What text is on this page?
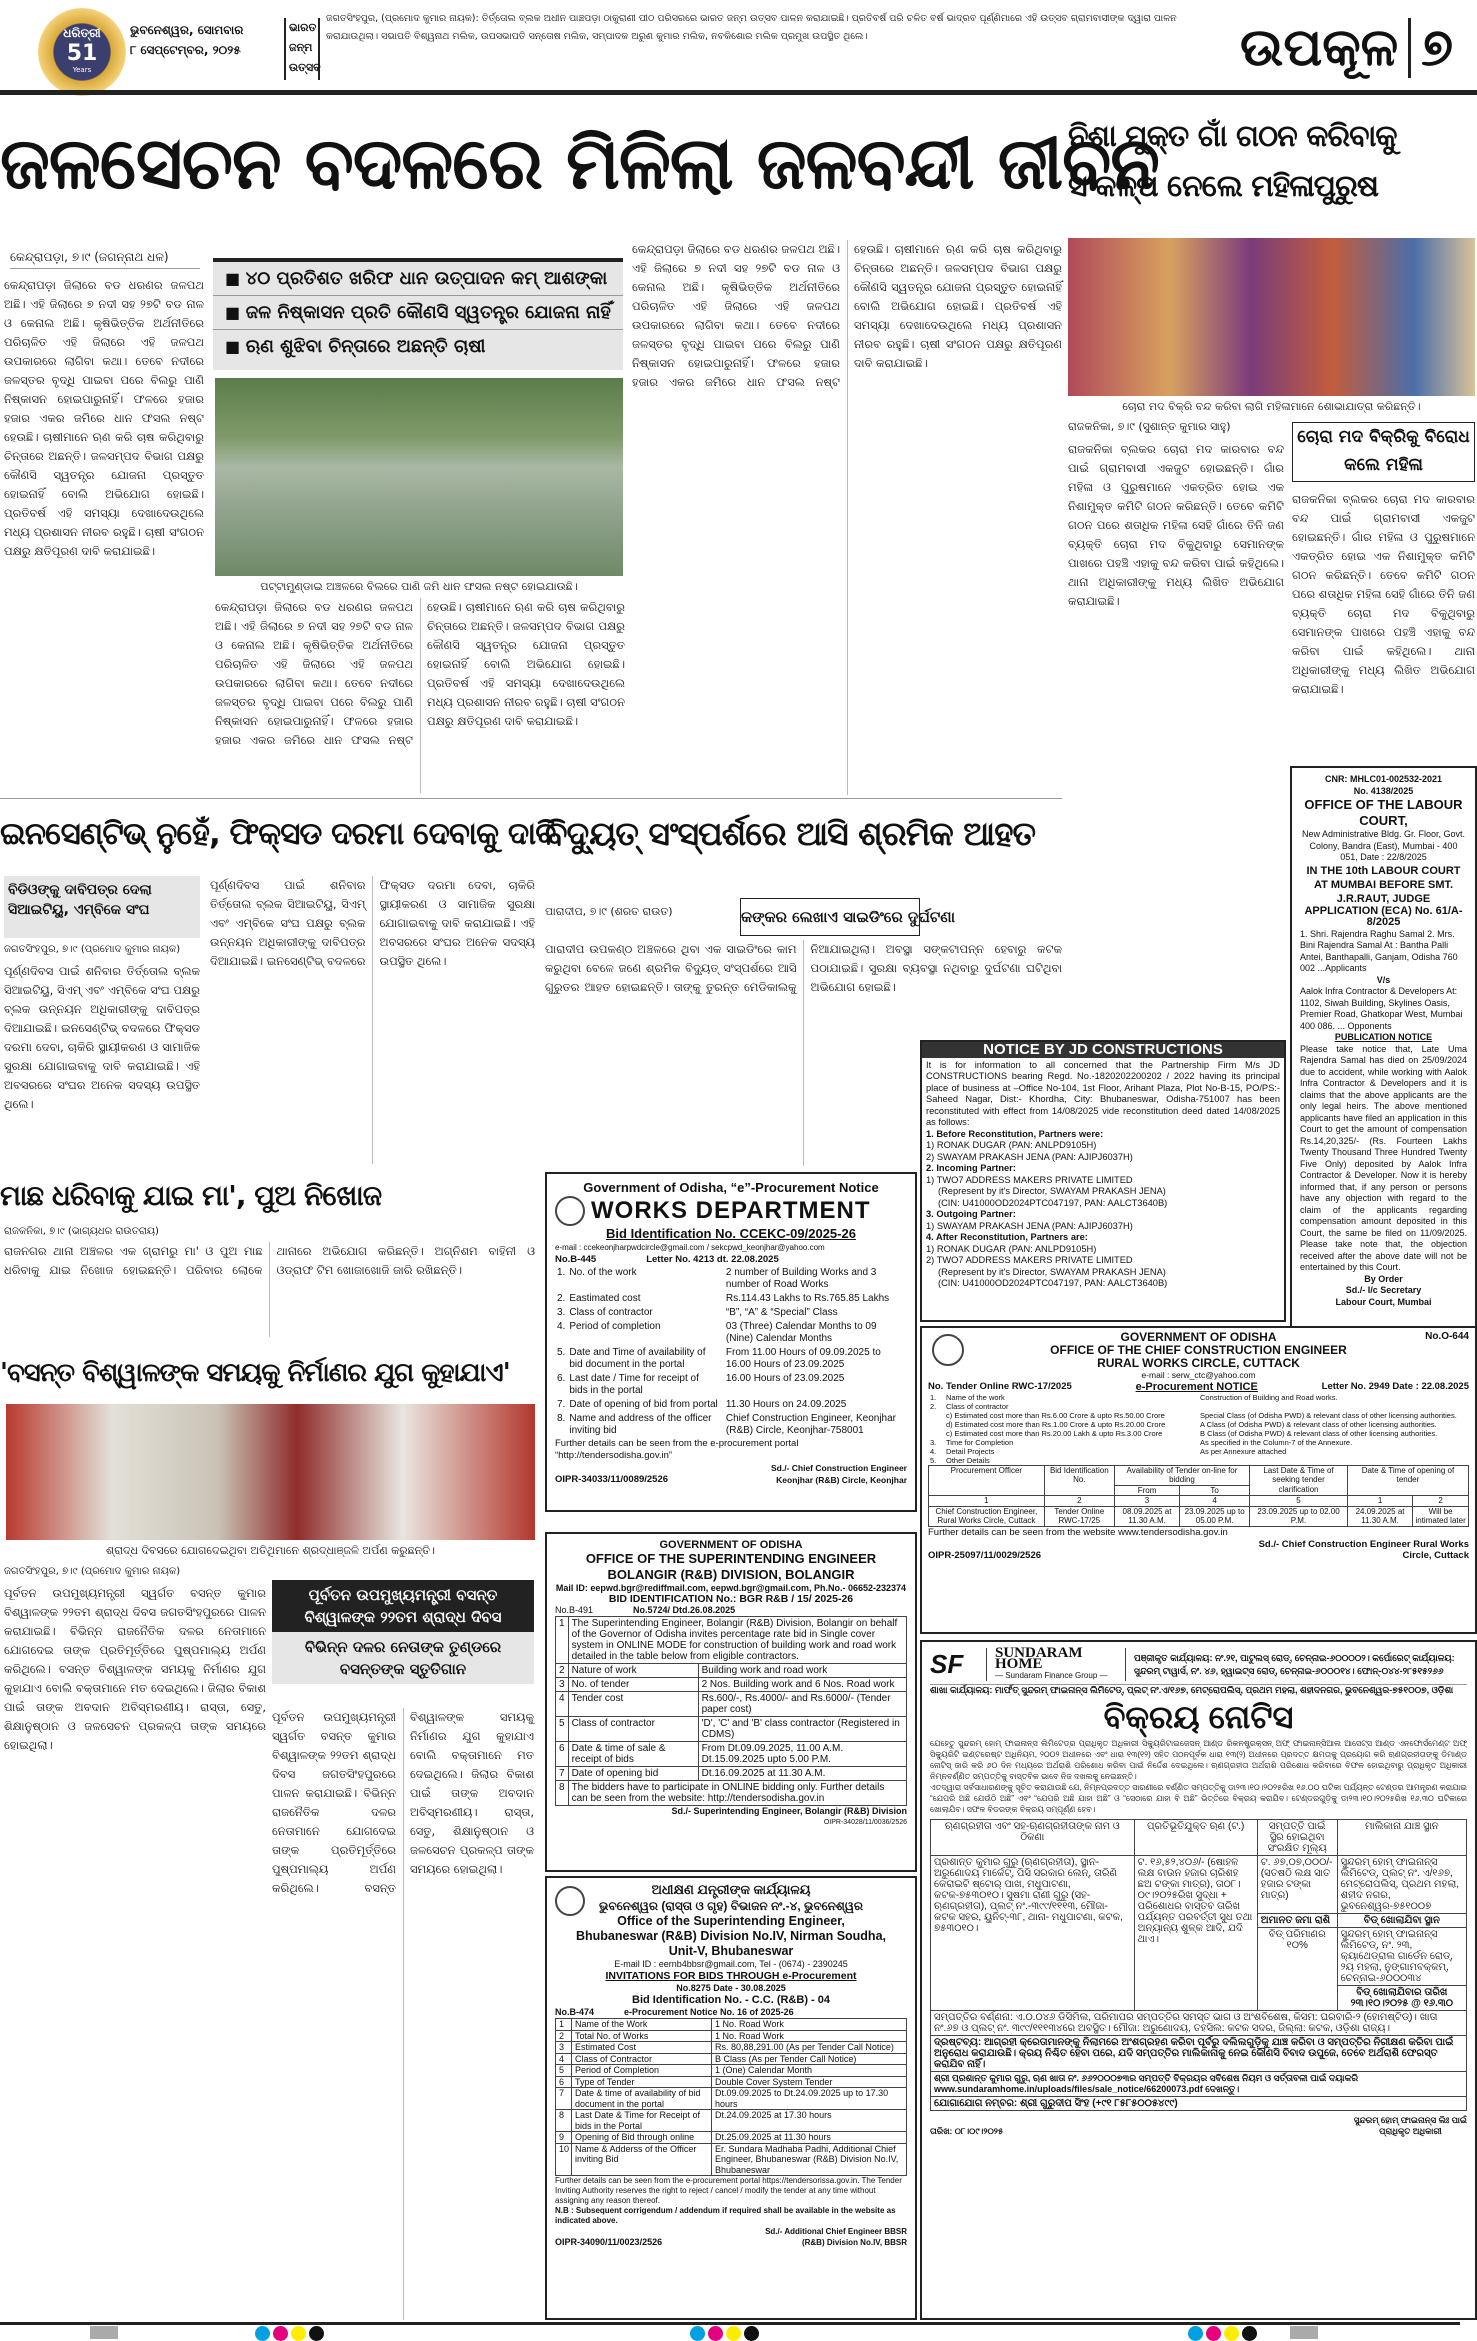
ଧରିତ୍ରୀ
51
Years
ଭୁବନେଶ୍ୱର, ସୋମବାର
୮ ସେପ୍ଟେମ୍ବର, ୨୦୨୫
ଭାରତ ଜନ୍ମ ଉତ୍ସବ
ଜଗତସିଂହପୁର, (ପ୍ରମୋଦ କୁମାର ନାୟକ): ତିର୍ତ୍ତୋଲ ବ୍ଲକ ଅଧୀନ ପାଞ୍ଚପଡ଼ା ଠାକୁରାଣୀ ପୀଠ ପରିସରରେ ଭାରତ ଜନ୍ମ ଉତ୍ସବ ପାଳନ କରାଯାଇଛି। ପ୍ରତିବର୍ଷ ପରି ଚଳିତ ବର୍ଷ ଭାଦ୍ରବ ପୂର୍ଣ୍ଣିମାରେ ଏହି ଉତ୍ସବ ଗ୍ରାମବାସୀଙ୍କ ଦ୍ୱାରା ପାଳନ କରାଯାଉଥିଲା। ସଭାପତି ବିଶ୍ୱନାଥ ମଲିକ, ଉପସଭାପତି ସନ୍ତୋଷ ମଲିକ, ସମ୍ପାଦକ ଅରୁଣ କୁମାର ମଲିକ, ନବକିଶୋର ମଲିକ ପ୍ରମୁଖ ଉପସ୍ଥିତ ଥିଲେ।	ଉପକୂଳ ୭
ଜଳସେଚନ ବଦଳରେ ମିଳିଲା ଜଳବନ୍ଦୀ ଜୀବନ
ନିଶା ମୁକ୍ତ ଗାଁ ଗଠନ କରିବାକୁ ସଂକଳ୍ପ ନେଲେ ମହିଳାପୁରୁଷ
କେନ୍ଦ୍ରାପଡ଼ା, ୭।୯ (ଜଗନ୍ନାଥ ଧଳ)
କେନ୍ଦ୍ରାପଡ଼ା ଜିଲାରେ ବଡ ଧରଣର ଜଳପଥ ଅଛି। ଏହି ଜିଲାରେ ୭ ନଦୀ ସହ ୨୭ଟି ବଡ ନାଳ ଓ କେନାଲ ଅଛି। କୃଷିଭିତ୍ତିକ ଅର୍ଥନୀତିରେ ପରିଚାଳିତ ଏହି ଜିଲାରେ ଏହି ଜଳପଥ ଉପକାରରେ ଲାଗିବା କଥା। ତେବେ ନଦୀରେ ଜଳସ୍ତର ବୃଦ୍ଧି ପାଇବା ପରେ ବିଲରୁ ପାଣି ନିଷ୍କାସନ ହୋଇପାରୁନାହିଁ। ଫଳରେ ହଜାର ହଜାର ଏକର ଜମିରେ ଧାନ ଫସଲ ନଷ୍ଟ ହେଉଛି। ଚାଷୀମାନେ ଋଣ କରି ଚାଷ କରିଥିବାରୁ ଚିନ୍ତାରେ ଅଛନ୍ତି। ଜଳସମ୍ପଦ ବିଭାଗ ପକ୍ଷରୁ କୌଣସି ସ୍ୱତନ୍ତ୍ର ଯୋଜନା ପ୍ରସ୍ତୁତ ହୋଇନାହିଁ ବୋଲି ଅଭିଯୋଗ ହୋଇଛି। ପ୍ରତିବର୍ଷ ଏହି ସମସ୍ୟା ଦେଖାଦେଉଥିଲେ ମଧ୍ୟ ପ୍ରଶାସନ ନୀରବ ରହୁଛି। ଚାଷୀ ସଂଗଠନ ପକ୍ଷରୁ କ୍ଷତିପୂରଣ ଦାବି କରାଯାଇଛି।
■ ୪୦ ପ୍ରତିଶତ ଖରିଫ ଧାନ ଉତ୍ପାଦନ କମ୍ ଆଶଙ୍କା
■ ଜଳ ନିଷ୍କାସନ ପ୍ରତି କୌଣସି ସ୍ୱତନ୍ତ୍ର ଯୋଜନା ନାହିଁ
■ ଋଣ ଶୁଝିବା ଚିନ୍ତାରେ ଅଛନ୍ତି ଚାଷୀ
ପଟ୍ଟାମୁଣ୍ଡାଇ ଅଞ୍ଚଳରେ ବିଲରେ ପାଣି ଜମି ଧାନ ଫସଲ ନଷ୍ଟ ହୋଇଯାଉଛି।
କେନ୍ଦ୍ରାପଡ଼ା ଜିଲାରେ ବଡ ଧରଣର ଜଳପଥ ଅଛି। ଏହି ଜିଲାରେ ୭ ନଦୀ ସହ ୨୭ଟି ବଡ ନାଳ ଓ କେନାଲ ଅଛି। କୃଷିଭିତ୍ତିକ ଅର୍ଥନୀତିରେ ପରିଚାଳିତ ଏହି ଜିଲାରେ ଏହି ଜଳପଥ ଉପକାରରେ ଲାଗିବା କଥା। ତେବେ ନଦୀରେ ଜଳସ୍ତର ବୃଦ୍ଧି ପାଇବା ପରେ ବିଲରୁ ପାଣି ନିଷ୍କାସନ ହୋଇପାରୁନାହିଁ। ଫଳରେ ହଜାର ହଜାର ଏକର ଜମିରେ ଧାନ ଫସଲ ନଷ୍ଟ ହେଉଛି। ଚାଷୀମାନେ ଋଣ କରି ଚାଷ କରିଥିବାରୁ ଚିନ୍ତାରେ ଅଛନ୍ତି। ଜଳସମ୍ପଦ ବିଭାଗ ପକ୍ଷରୁ କୌଣସି ସ୍ୱତନ୍ତ୍ର ଯୋଜନା ପ୍ରସ୍ତୁତ ହୋଇନାହିଁ ବୋଲି ଅଭିଯୋଗ ହୋଇଛି। ପ୍ରତିବର୍ଷ ଏହି ସମସ୍ୟା ଦେଖାଦେଉଥିଲେ ମଧ୍ୟ ପ୍ରଶାସନ ନୀରବ ରହୁଛି। ଚାଷୀ ସଂଗଠନ ପକ୍ଷରୁ କ୍ଷତିପୂରଣ ଦାବି କରାଯାଇଛି।
କେନ୍ଦ୍ରାପଡ଼ା ଜିଲାରେ ବଡ ଧରଣର ଜଳପଥ ଅଛି। ଏହି ଜିଲାରେ ୭ ନଦୀ ସହ ୨୭ଟି ବଡ ନାଳ ଓ କେନାଲ ଅଛି। କୃଷିଭିତ୍ତିକ ଅର୍ଥନୀତିରେ ପରିଚାଳିତ ଏହି ଜିଲାରେ ଏହି ଜଳପଥ ଉପକାରରେ ଲାଗିବା କଥା। ତେବେ ନଦୀରେ ଜଳସ୍ତର ବୃଦ୍ଧି ପାଇବା ପରେ ବିଲରୁ ପାଣି ନିଷ୍କାସନ ହୋଇପାରୁନାହିଁ। ଫଳରେ ହଜାର ହଜାର ଏକର ଜମିରେ ଧାନ ଫସଲ ନଷ୍ଟ ହେଉଛି। ଚାଷୀମାନେ ଋଣ କରି ଚାଷ କରିଥିବାରୁ ଚିନ୍ତାରେ ଅଛନ୍ତି। ଜଳସମ୍ପଦ ବିଭାଗ ପକ୍ଷରୁ କୌଣସି ସ୍ୱତନ୍ତ୍ର ଯୋଜନା ପ୍ରସ୍ତୁତ ହୋଇନାହିଁ ବୋଲି ଅଭିଯୋଗ ହୋଇଛି। ପ୍ରତିବର୍ଷ ଏହି ସମସ୍ୟା ଦେଖାଦେଉଥିଲେ ମଧ୍ୟ ପ୍ରଶାସନ ନୀରବ ରହୁଛି। ଚାଷୀ ସଂଗଠନ ପକ୍ଷରୁ କ୍ଷତିପୂରଣ ଦାବି କରାଯାଇଛି।
ଚୋରା ମଦ ବିକ୍ରି ବନ୍ଦ କରିବା ଲାଗି ମହିଳାମାନେ ଶୋଭାଯାତ୍ରା କରିଛନ୍ତି।
ରାଜକନିକା, ୭।୯ (ସୁଶାନ୍ତ କୁମାର ସାହୁ)
ଚୋରା ମଦ ବିକ୍ରିକୁ ବିରୋଧ କଲେ ମହିଳା
ରାଜକନିକା ବ୍ଲକର ଚୋରା ମଦ କାରବାର ବନ୍ଦ ପାଇଁ ଗ୍ରାମବାସୀ ଏକଜୁଟ ହୋଇଛନ୍ତି। ଗାଁର ମହିଳା ଓ ପୁରୁଷମାନେ ଏକତ୍ରିତ ହୋଇ ଏକ ନିଶାମୁକ୍ତ କମିଟି ଗଠନ କରିଛନ୍ତି। ତେବେ କମିଟି ଗଠନ ପରେ ଶତାଧିକ ମହିଳା ସେହି ଗାଁରେ ତିନି ଜଣ ବ୍ୟକ୍ତି ଚୋରା ମଦ ବିକୁଥିବାରୁ ସେମାନଙ୍କ ପାଖରେ ପହଞ୍ଚି ଏହାକୁ ବନ୍ଦ କରିବା ପାଇଁ କହିଥିଲେ। ଥାନା ଅଧିକାରୀଙ୍କୁ ମଧ୍ୟ ଲିଖିତ ଅଭିଯୋଗ କରାଯାଇଛି।
ରାଜକନିକା ବ୍ଲକର ଚୋରା ମଦ କାରବାର ବନ୍ଦ ପାଇଁ ଗ୍ରାମବାସୀ ଏକଜୁଟ ହୋଇଛନ୍ତି। ଗାଁର ମହିଳା ଓ ପୁରୁଷମାନେ ଏକତ୍ରିତ ହୋଇ ଏକ ନିଶାମୁକ୍ତ କମିଟି ଗଠନ କରିଛନ୍ତି। ତେବେ କମିଟି ଗଠନ ପରେ ଶତାଧିକ ମହିଳା ସେହି ଗାଁରେ ତିନି ଜଣ ବ୍ୟକ୍ତି ଚୋରା ମଦ ବିକୁଥିବାରୁ ସେମାନଙ୍କ ପାଖରେ ପହଞ୍ଚି ଏହାକୁ ବନ୍ଦ କରିବା ପାଇଁ କହିଥିଲେ। ଥାନା ଅଧିକାରୀଙ୍କୁ ମଧ୍ୟ ଲିଖିତ ଅଭିଯୋଗ କରାଯାଇଛି।
CNR: MHLC01-002532-2021
No. 4138/2025
OFFICE OF THE LABOUR COURT,
New Administrative Bldg. Gr. Floor, Govt. Colony, Bandra (East), Mumbai - 400 051, Date : 22/8/2025
IN THE 10th LABOUR COURT AT MUMBAI BEFORE SMT. J.R.RAUT, JUDGE
APPLICATION (ECA) No. 61/A-8/2025
1. Shri. Rajendra Raghu Samal 2. Mrs. Bini Rajendra Samal At : Bantha Palli Antei, Banthapalli, Ganjam, Odisha 760 002 ...Applicants
V/s
Aalok Infra Contractor & Developers At: 1102, Siwah Building, Skylines Oasis, Premier Road, Ghatkopar West, Mumbai 400 086. ... Opponents
PUBLICATION NOTICE
Please take notice that, Late Uma Rajendra Samal has died on 25/09/2024 due to accident, while working with Aalok Infra Contractor & Developers and it is claims that the above applicants are the only legal heirs. The above mentioned applicants have filed an application in this Court to get the amount of compensation Rs.14,20,325/- (Rs. Fourteen Lakhs Twenty Thousand Three Hundred Twenty Five Only) deposited by Aalok Infra Contractor & Developer. Now it is hereby informed that, if any person or persons have any objection with regard to the claim of the applicants regarding compensation amount deposited in this Court, the same be filed on 11/09/2025. Please take note that, the objection received after the above date will not be entertained by this Court.
By Order
Sd./- I/c Secretary
Labour Court, Mumbai
ଇନସେଣ୍ଟିଭ୍ ନୁହେଁ, ଫିକ୍ସଡ ଦରମା ଦେବାକୁ ଦାବି
ବିଦ୍ୟୁତ୍ ସଂସ୍ପର୍ଶରେ ଆସି ଶ୍ରମିକ ଆହତ
ବିଡିଓଙ୍କୁ ଦାବିପତ୍ର ଦେଲା ସିଆଇଟିୟୁ, ଏମ୍‌ବିକେ ସଂଘ
ଜଗତସିଂହପୁର, ୭।୯ (ପ୍ରମୋଦ କୁମାର ନାୟକ)
ପୂର୍ଣ୍ଣଦିବସ ପାଇଁ ଶନିବାର ତିର୍ତ୍ତୋଲ ବ୍ଲକ ସିଆଇଟିୟୁ, ସିଏମ୍ ଏବଂ ଏମ୍‌ବିକେ ସଂଘ ପକ୍ଷରୁ ବ୍ଲକ ଉନ୍ନୟନ ଅଧିକାରୀଙ୍କୁ ଦାବିପତ୍ର ଦିଆଯାଇଛି। ଇନସେଣ୍ଟିଭ୍ ବଦଳରେ ଫିକ୍ସଡ ଦରମା ଦେବା, ଚାକିରି ସ୍ଥାୟୀକରଣ ଓ ସାମାଜିକ ସୁରକ୍ଷା ଯୋଗାଇବାକୁ ଦାବି କରାଯାଇଛି। ଏହି ଅବସରରେ ସଂଘର ଅନେକ ସଦସ୍ୟ ଉପସ୍ଥିତ ଥିଲେ।
ପୂର୍ଣ୍ଣଦିବସ ପାଇଁ ଶନିବାର ତିର୍ତ୍ତୋଲ ବ୍ଲକ ସିଆଇଟିୟୁ, ସିଏମ୍ ଏବଂ ଏମ୍‌ବିକେ ସଂଘ ପକ୍ଷରୁ ବ୍ଲକ ଉନ୍ନୟନ ଅଧିକାରୀଙ୍କୁ ଦାବିପତ୍ର ଦିଆଯାଇଛି। ଇନସେଣ୍ଟିଭ୍ ବଦଳରେ ଫିକ୍ସଡ ଦରମା ଦେବା, ଚାକିରି ସ୍ଥାୟୀକରଣ ଓ ସାମାଜିକ ସୁରକ୍ଷା ଯୋଗାଇବାକୁ ଦାବି କରାଯାଇଛି। ଏହି ଅବସରରେ ସଂଘର ଅନେକ ସଦସ୍ୟ ଉପସ୍ଥିତ ଥିଲେ।
ପାରାଦୀପ, ୭।୯ (ଶରତ ରାଉତ)	କଙ୍କର ଲେଖାଏ ସାଇଡିଂରେ ଦୁର୍ଘଟଣା
ପାରାଦୀପ ଉପକଣ୍ଠ ଅଞ୍ଚଳରେ ଥିବା ଏକ ସାଇଡିଂରେ କାମ କରୁଥିବା ବେଳେ ଜଣେ ଶ୍ରମିକ ବିଦ୍ୟୁତ୍ ସଂସ୍ପର୍ଶରେ ଆସି ଗୁରୁତର ଆହତ ହୋଇଛନ୍ତି। ତାଙ୍କୁ ତୁରନ୍ତ ମେଡିକାଲକୁ ନିଆଯାଇଥିଲା। ଅବସ୍ଥା ସଙ୍କଟାପନ୍ନ ହେବାରୁ କଟକ ପଠାଯାଇଛି। ସୁରକ୍ଷା ବ୍ୟବସ୍ଥା ନଥିବାରୁ ଦୁର୍ଘଟଣା ଘଟିଥିବା ଅଭିଯୋଗ ହୋଇଛି।
NOTICE BY JD CONSTRUCTIONS
It is for information to all concerned that the Partnership Firm M/s JD CONSTRUCTIONS bearing Regd. No.-1820202200202 / 2022 having its principal place of business at –Office No-104, 1st Floor, Arihant Plaza, Plot No-B-15, PO/PS:- Saheed Nagar, Dist:- Khordha, City: Bhubaneswar, Odisha-751007 has been reconstituted with effect from 14/08/2025 vide reconstitution deed dated 14/08/2025 as follows:
1. Before Reconstitution, Partners were:
1) RONAK DUGAR (PAN: ANLPD9105H)
2) SWAYAM PRAKASH JENA (PAN: AJIPJ6037H)
2. Incoming Partner:
1) TWO7 ADDRESS MAKERS PRIVATE LIMITED
(Represent by it's Director, SWAYAM PRAKASH JENA)
(CIN: U41000OD2024PTC047197, PAN: AALCT3640B)
3. Outgoing Partner:
1) SWAYAM PRAKASH JENA (PAN: AJIPJ6037H)
4. After Reconstitution, Partners are:
1) RONAK DUGAR (PAN: ANLPD9105H)
2) TWO7 ADDRESS MAKERS PRIVATE LIMITED
(Represent by it's Director, SWAYAM PRAKASH JENA)
(CIN: U41000OD2024PTC047197, PAN: AALCT3640B)
ମାଛ ଧରିବାକୁ ଯାଇ ମା', ପୁଅ ନିଖୋଜ
ରାଜକନିକା, ୭।୯ (ଭାଗ୍ୟଧର ରାଉତରାୟ)
ରାଜନଗର ଥାନା ଅଞ୍ଚଳର ଏକ ଗ୍ରାମରୁ ମା' ଓ ପୁଅ ମାଛ ଧରିବାକୁ ଯାଇ ନିଖୋଜ ହୋଇଛନ୍ତି। ପରିବାର ଲୋକେ ଥାନାରେ ଅଭିଯୋଗ କରିଛନ୍ତି। ଅଗ୍ନିଶମ ବାହିନୀ ଓ ଓଡ୍ରାଫ ଟିମ ଖୋଜାଖୋଜି ଜାରି ରଖିଛନ୍ତି।
Government of Odisha, “e”-Procurement Notice
WORKS DEPARTMENT
Bid Identification No. CCEKC-09/2025-26
e-mail : ccekeonjharpwdcircle@gmail.com / sekcpwd_keonjhar@yahoo.com
No.B-445	Letter No. 4213 dt. 22.08.2025
1.	No. of the work	2 number of Building Works and 3 number of Road Works
2.	Eastimated cost	Rs.114.43 Lakhs to Rs.765.85 Lakhs
3.	Class of contractor	“B”, “A” & “Special” Class
4.	Period of completion	03 (Three) Calendar Months to 09 (Nine) Calendar Months
5.	Date and Time of availability of bid document in the portal	From 11.00 Hours of 09.09.2025 to 16.00 Hours of 23.09.2025
6.	Last date / Time for receipt of bids in the portal	16.00 Hours of 23.09.2025
7.	Date of opening of bid from portal	11.30 Hours on 24.09.2025
8.	Name and address of the officer inviting bid	Chief Construction Engineer, Keonjhar (R&B) Circle, Keonjhar-758001
Further details can be seen from the e-procurement portal “http://tendersodisha.gov.in”
OIPR-34033/11/0089/2526
Sd./- Chief Construction Engineer Keonjhar (R&B) Circle, Keonjhar
No.O-644
GOVERNMENT OF ODISHA
OFFICE OF THE CHIEF CONSTRUCTION ENGINEER
RURAL WORKS CIRCLE, CUTTACK
e-mail : serw_ctc@yahoo.com
No. Tender Online RWC-17/2025	e-Procurement NOTICE	Letter No. 2949 Date : 22.08.2025
1.	Name of the work	Construction of Building and Road works.
2.	Class of contractor	
	c) Estimated cost more than Rs.6.00 Crore & upto Rs.50.00 Crore	Special Class (of Odisha PWD) & relevant class of other licensing authorities.
	d) Estimated cost more than Rs.1.00 Crore & upto Rs.20.00 Crore	A Class (of Odisha PWD) & relevant class of other licensing authorities.
	c) Estimated cost more than Rs.20.00 Lakh & upto Rs.3.00 Crore	B Class (of Odisha PWD) & relevant class of other licensing authorities.
3.	Time for Completion	As specified in the Column-7 of the Annexure.
4.	Detail Projects	As per Annexure attached
5.	Other Details	
Procurement Officer	Bid Identification No.	Availability of Tender on-line for bidding		Last Date & Time of seeking tender clarification	Date & Time of opening of tender	
		From	To			
1	2	3	4	5	1	2
Chief Construction Engineer, Rural Works Circle, Cuttack	Tender Online RWC-17/25	08.09.2025 at 11.30 A.M.	23.09.2025 up to 05.00 P.M.	23.09.2025 up to 02.00 P.M.	24.09.2025 at 11.30 A.M.	Will be intimated later
Further details can be seen from the website www.tendersodisha.gov.in
OIPR-25097/11/0029/2526
Sd./- Chief Construction Engineer Rural Works Circle, Cuttack
'ବସନ୍ତ ବିଶ୍ୱାଳଙ୍କ ସମୟକୁ ନିର୍ମାଣର ଯୁଗ କୁହାଯାଏ'
ଶ୍ରାଦ୍ଧ ଦିବସରେ ଯୋଗଦେଇଥିବା ଅତିଥିମାନେ ଶ୍ରଦ୍ଧାଞ୍ଜଳି ଅର୍ପଣ କରୁଛନ୍ତି।
ଜଗତସିଂହପୁର, ୭।୯ (ପ୍ରମୋଦ କୁମାର ନାୟକ)
ପୂର୍ବତନ ଉପମୁଖ୍ୟମନ୍ତ୍ରୀ ବସନ୍ତ ବିଶ୍ୱାଳଙ୍କ ୨୨ତମ ଶ୍ରାଦ୍ଧ ଦିବସ
ବିଭିନ୍ନ ଦଳର ନେତାଙ୍କ ତୁଣ୍ଡରେ ବସନ୍ତଙ୍କ ସ୍ତୁତିଗାନ
ପୂର୍ବତନ ଉପମୁଖ୍ୟମନ୍ତ୍ରୀ ସ୍ୱର୍ଗତ ବସନ୍ତ କୁମାର ବିଶ୍ୱାଳଙ୍କ ୨୨ତମ ଶ୍ରାଦ୍ଧ ଦିବସ ଜଗତସିଂହପୁରରେ ପାଳନ କରାଯାଇଛି। ବିଭିନ୍ନ ରାଜନୈତିକ ଦଳର ନେତାମାନେ ଯୋଗଦେଇ ତାଙ୍କ ପ୍ରତିମୂର୍ତ୍ତିରେ ପୁଷ୍ପମାଲ୍ୟ ଅର୍ପଣ କରିଥିଲେ। ବସନ୍ତ ବିଶ୍ୱାଳଙ୍କ ସମୟକୁ ନିର୍ମାଣର ଯୁଗ କୁହାଯାଏ ବୋଲି ବକ୍ତାମାନେ ମତ ଦେଇଥିଲେ। ଜିଲାର ବିକାଶ ପାଇଁ ତାଙ୍କ ଅବଦାନ ଅବିସ୍ମରଣୀୟ। ରାସ୍ତା, ସେତୁ, ଶିକ୍ଷାନୁଷ୍ଠାନ ଓ ଜଳସେଚନ ପ୍ରକଳ୍ପ ତାଙ୍କ ସମୟରେ ହୋଇଥିଲା।
ପୂର୍ବତନ ଉପମୁଖ୍ୟମନ୍ତ୍ରୀ ସ୍ୱର୍ଗତ ବସନ୍ତ କୁମାର ବିଶ୍ୱାଳଙ୍କ ୨୨ତମ ଶ୍ରାଦ୍ଧ ଦିବସ ଜଗତସିଂହପୁରରେ ପାଳନ କରାଯାଇଛି। ବିଭିନ୍ନ ରାଜନୈତିକ ଦଳର ନେତାମାନେ ଯୋଗଦେଇ ତାଙ୍କ ପ୍ରତିମୂର୍ତ୍ତିରେ ପୁଷ୍ପମାଲ୍ୟ ଅର୍ପଣ କରିଥିଲେ। ବସନ୍ତ ବିଶ୍ୱାଳଙ୍କ ସମୟକୁ ନିର୍ମାଣର ଯୁଗ କୁହାଯାଏ ବୋଲି ବକ୍ତାମାନେ ମତ ଦେଇଥିଲେ। ଜିଲାର ବିକାଶ ପାଇଁ ତାଙ୍କ ଅବଦାନ ଅବିସ୍ମରଣୀୟ। ରାସ୍ତା, ସେତୁ, ଶିକ୍ଷାନୁଷ୍ଠାନ ଓ ଜଳସେଚନ ପ୍ରକଳ୍ପ ତାଙ୍କ ସମୟରେ ହୋଇଥିଲା।
GOVERNMENT OF ODISHA
OFFICE OF THE SUPERINTENDING ENGINEER
BOLANGIR (R&B) DIVISION, BOLANGIR
Mail ID: eepwd.bgr@rediffmail.com, eepwd.bgr@gmail.com, Ph.No.- 06652-232374
BID IDENTIFICATION No.: BGR R&B / 15/ 2025-26
No.B-491	No.5724/ Dtd.26.08.2025
1	The Superintending Engineer, Bolangir (R&B) Division, Bolangir on behalf of the Governor of Odisha invites percentage rate bid in Single cover system in ONLINE MODE for construction of building work and road work detailed in the table below from eligible contractors.	
2	Nature of work	Building work and road work
3	No. of tender	2 Nos. Building work and 6 Nos. Road work
4	Tender cost	Rs.600/-, Rs.4000/- and Rs.6000/- (Tender paper cost)
5	Class of contractor	'D', 'C' and 'B' class contractor (Registered in CDMS)
6	Date & time of sale & receipt of bids	From Dt.09.09.2025, 11.00 A.M. Dt.15.09.2025 upto 5.00 P.M.
7	Date of opening bid	Dt.16.09.2025 at 11.30 A.M.
8	The bidders have to participate in ONLINE bidding only. Further details can be seen from the website: http://tendersodisha.gov.in	
Sd./- Superintending Engineer, Bolangir (R&B) Division
OIPR-34028/11/0036/2526
ଅଧୀକ୍ଷଣ ଯନ୍ତ୍ରୀଙ୍କ କାର୍ଯ୍ୟାଳୟ
ଭୁବନେଶ୍ୱର (ରାସ୍ତା ଓ ଗୃହ) ବିଭାଜନ ନଂ.-୪, ଭୁବନେଶ୍ୱର
Office of the Superintending Engineer,
Bhubaneswar (R&B) Division No.IV, Nirman Soudha,
Unit-V, Bhubaneswar
E-mail ID : eernb4bbsr@gmail.com, Tel - (0674) - 2390245
INVITATIONS FOR BIDS THROUGH e-Procurement
No.8275 Date - 30.08.2025
Bid Identification No. - C.C. (R&B) - 04
No.B-474	e-Procurement Notice No. 16 of 2025-26
1	Name of the Work	1 No. Road Work
2	Total No. of Works	1 No. Road Work
3	Estimated Cost	Rs. 80,88,291.00 (As per Tender Call Notice)
4	Class of Contractor	B Class (As per Tender Call Notice)
5	Period of Completion	1 (One) Calendar Month
6	Type of Tender	Double Cover System Tender
7	Date & time of availability of bid document in the portal	Dt.09.09.2025 to Dt.24.09.2025 up to 17.30 hours
8	Last Date & Time for Receipt of bids in the Portal	Dt.24.09.2025 at 17.30 hours
9	Opening of Bid through online	Dt.25.09.2025 at 11.30 hours
10	Name & Adderss of the Officer inviting Bid	Er. Sundara Madhaba Padhi, Additional Chief Engineer, Bhubaneswar (R&B) Division No.IV, Bhubaneswar
Further details can be seen from the e-procurement portal https://tendersorissa.gov.in. The Tender Inviting Authority reserves the right to reject / cancel / modify the tender at any time without assigning any reason thereof.
N.B : Subsequent corrigendum / addendum if required shall be available in the website as indicated above.
OIPR-34090/11/0023/2526
Sd./- Additional Chief Engineer BBSR (R&B) Division No.IV, BBSR
SF	SUNDARAM HOME
— Sundaram Finance Group —
ପଞ୍ଜୀକୃତ କାର୍ଯ୍ୟାଳୟ: ନଂ.୨୧, ପାଟୁଲସ୍ ରୋଡ୍, ଚେନ୍ନାଇ-୬୦୦୦୦୨। କର୍ପୋରେଟ୍ କାର୍ଯ୍ୟାଳୟ: ସୁନ୍ଦରମ୍ ଟାୱାର୍ସ, ନଂ. ୪୬, ହ୍ୱାଇଟ୍ସ ରୋଡ୍, ଚେନ୍ନାଇ-୬୦୦୦୧୪। ଫୋନ୍-୦୪୪-୨୮୫୧୫୨୬୬
ଶାଖା କାର୍ଯ୍ୟାଳୟ: ମାର୍ଫତ୍ ସୁନ୍ଦରମ୍ ଫାଇନାନ୍ସ ଲିମିଟେଡ୍, ପ୍ଲଟ୍ ନଂ.ଏ/୧୬୭, ମେଟ୍ରୋପଲିସ୍, ପ୍ରଥମ ମହଲା, ଶହୀଦନଗର, ଭୁବନେଶ୍ୱର-୭୫୧୦୦୭, ଓଡ଼ିଶା
ବିକ୍ରୟ ନୋଟିସ
ଯେହେତୁ ସୁନ୍ଦରମ୍ ହୋମ୍ ଫାଇନାନ୍ସ ଲିମିଟେଡ୍‌ର ପ୍ରାଧିକୃତ ଅଧିକାରୀ ସିକ୍ୟୁରିଟାଇଜେସନ୍ ଆଣ୍ଡ ରିକନଷ୍ଟ୍ରକ୍ସନ୍ ଅଫ୍ ଫାଇନାନ୍ସିଆଲ ଆସେଟ୍ସ ଆଣ୍ଡ ଏନଫୋର୍ସମେଣ୍ଟ ଅଫ୍ ସିକ୍ୟୁରିଟି ଇଣ୍ଟରେଷ୍ଟ ଅଧିନିୟମ, ୨୦୦୨ ଅଧୀନରେ ଏବଂ ଧାରା ୧୩(୧୨) ସହିତ ପଠନପୂର୍ବକ ଧାରା ୧୩(୨) ଅଧୀନରେ ପ୍ରଦତ୍ତ କ୍ଷମତାକୁ ପ୍ରୟୋଗ କରି ଋଣଗ୍ରହୀତାଙ୍କୁ ଡିମାଣ୍ଡ ନୋଟିସ୍ ଜାରି କରି ୬୦ ଦିନ ମଧ୍ୟରେ ଅର୍ଥରାଶି ପରିଶୋଧ କରିବା ପାଇଁ ନିର୍ଦ୍ଦେଶ ଦେଇଥିଲେ। ଋଣଗ୍ରହୀତା ଅର୍ଥରାଶି ପରିଶୋଧ କରିବାରେ ବିଫଳ ହୋଇଥିବାରୁ ପ୍ରାଧିକୃତ ଅଧିକାରୀ ନିମ୍ନବର୍ଣ୍ଣିତ ସମ୍ପତ୍ତିକୁ ବାସ୍ତବିକ ଭାବେ ନିଜ ଦଖଲକୁ ନେଇଛନ୍ତି।
ଏତଦ୍ୱାରା ସର୍ବସାଧାରଣଙ୍କୁ ସୂଚିତ କରାଯାଉଛି ଯେ, ନିମ୍ନପ୍ରଦତ୍ତ ସାରଣୀରେ ବର୍ଣ୍ଣିତ ସମ୍ପତ୍ତିକୁ ଡା୨୩।୧୦।୨୦୨୫ରିଖ ୧୬.୦୦ ଘଟିକା ପର୍ଯ୍ୟନ୍ତ ଟେଣ୍ଡର ଆମନ୍ତ୍ରଣ କରାଯାଇ “ଯେପରି ଅଛି ଯେଉଁଠି ଅଛି” ଏବଂ “ଯେପରି ଅଛି ଯାହା ଅଛି” ଓ “ସେଠାରେ ଯାହା ବି ଅଛି” ଭିତ୍ତିରେ ବିକ୍ରୟ କରାଯିବ। ଟେଣ୍ଡରଗୁଡ଼ିକୁ ଡା୨୩।୧୦।୨୦୨୫ରିଖ ୧୬.୩୦ ଘଟିକାରେ ଖୋଲାଯିବ। ସଫଳ ବିଡରଙ୍କ ବିକ୍ରୟ ସମ୍ପୂର୍ଣ୍ଣ ହେବ।
ଋଣଗ୍ରହୀତା ଏବଂ ସହ-ଋଣଗ୍ରହୀତାଙ୍କ ନାମ ଓ ଠିକଣା	ପ୍ରତିଭୂତିଯୁକ୍ତ ଋଣ (ଟ.)	ସମ୍ପତ୍ତି ପାଇଁ ସ୍ଥିର ହୋଇଥିବା ସଂରକ୍ଷିତ ମୂଲ୍ୟ	ମାଲିକାନା ଯାଞ୍ଚ ସ୍ଥାନ
ପ୍ରଶାନ୍ତ କୁମାର ଗୁରୁ (ଋଣଗ୍ରହୀତା), ସ୍ଥାନ- ଅରୁଣୋଦୟ ମାର୍କେଟ୍, ପିସି ସରକାର ଲେନ୍, ତାରିଣି କେରାଇଟି ଷ୍ଟୋର୍ ପାଖ, ମଧୁପାଟଣା, କଟକ-୭୫୩୦୧୦। ସୁଷମା ରାଣୀ ଗୁରୁ (ସହ-ଋଣଗ୍ରହୀତା), ପ୍ଲଟ୍ ନଂ.-୩୯୯/୧୧୧୩, ମୌଜା- କଟକ ସହର, ୟୁନିଟ୍-୩୮, ଥାନା- ମଧୁପାଟଣା, କଟକ, ୭୫୩୦୧୦।	ଟ. ୧୬,୫୨,୪୦୬/- (ଷୋହଳ ଲକ୍ଷ ବାଉନ ହଜାର ଚାରିଶହ ଛଅ ଟଙ୍କା ମାତ୍ର), ତା୦୮।୦୯।୨୦୨୫ରିଖ ସୁଦ୍ଧା + ପରିଶୋଧର ବାସ୍ତବ ତାରିଖ ପର୍ଯ୍ୟନ୍ତ ପରବର୍ତ୍ତୀ ସୁଧ ତଥା ଅନ୍ୟାନ୍ୟ ଶୁଳ୍କ ଆଦି, ଯଦି ଥାଏ।	ଟ. ୬୭,୦୭,୦୦୦/- (ସତଷଠି ଲକ୍ଷ ସାତ ହଜାର ଟଙ୍କା ମାତ୍ର)	ସୁନ୍ଦରମ୍ ହୋମ୍ ଫାଇନାନ୍ସ ଲିମିଟେଡ୍, ପ୍ଲଟ୍ ନଂ. ଏ/୧୬୭, ମେଟ୍ରୋପଲିସ୍, ପ୍ରଥମ ମହଲା, ଶହୀଦ ନଗର, ଭୁବନେଶ୍ୱର-୭୫୧୦୦୭
		ଅମାନତ ଜମା ରାଶି	ବିଡ୍ ଖୋଲାଯିବା ସ୍ଥାନ
		ବିଡ୍ ପରିମାଣର ୧୦%	ସୁନ୍ଦରମ୍ ହୋମ୍ ଫାଇନାନ୍ସ ଲିମିଟେଡ୍, ନଂ. ୨୩, କ୍ୟାଥେଡ୍ରାଲ ଗାର୍ଡେନ ରୋଡ୍, ୨ୟ ମହଲା, ନୁଙ୍ଗାମବକ୍କମ୍, ଚେନ୍ନାଇ-୬୦୦୦୩୪

			ବିଡ୍ ଖୋଲାଯିବାର ତାରିଖ
୨୩।୧୦।୨୦୨୫ @ ୧୬.୩୦

ସମ୍ପତ୍ତିର ବର୍ଣ୍ଣନା: ଏ.୦.୦୪୬ ଡିସିମିଲ, ପରିମାପର ସମ୍ପତ୍ତିର ସମସ୍ତ ଭାଗ ଓ ଅଂଶବିଶେଷ, କିସମ: ଘରବାରି-୨ (ହୋମଷ୍ଟିଡ୍)। ଖାତା ନଂ.୬୭ ଓ ପ୍ଲଟ୍ ନଂ. ୩୯୯/୧୧୧୩୪ରେ ଅବସ୍ଥିତ। ମୌଜା: ଅରୁଣୋଦୟ, ତହସିଲ: କଟକ ସଦର, ଜିଲ୍ଲା: କଟକ, ଓଡ଼ିଶା ରାଜ୍ୟ।			
ଦ୍ରଷ୍ଟବ୍ୟ: ଆଗ୍ରହୀ କ୍ରେତାମାନଙ୍କୁ ନିଲାମରେ ଅଂଶଗ୍ରହଣ କରିବା ପୂର୍ବରୁ ଦଲିଲଗୁଡ଼ିକୁ ଯାଞ୍ଚ କରିବା ଓ ସମ୍ପତ୍ତିର ନିରୀକ୍ଷଣ କରିବା ପାଇଁ ଅନୁରୋଧ କରାଯାଉଛି। କ୍ରୟ ନିଶ୍ଚିତ ହେବା ପରେ, ଯଦି ସମ୍ପତ୍ତିର ମାଲିକାନାକୁ ନେଇ କୌଣସି ବିବାଦ ଉପୁଜେ, ତେବେ ଅର୍ଥରାଶି ଫେରସ୍ତ କରାଯିବ ନାହିଁ।			
ଶ୍ରୀ ପ୍ରଶାନ୍ତ କୁମାର ଗୁରୁ, ଋଣ ଖାତା ନଂ. ୬୬୨୦୦୦୭୩ର ସମ୍ପତ୍ତି ବିକ୍ରୟର ସବିଶେଷ ନିୟମ ଓ ସର୍ତ୍ତାବଳୀ ପାଇଁ ଦୟାକରି www.sundaramhome.in/uploads/files/sale_notice/66200073.pdf ଦେଖନ୍ତୁ।			
ଯୋଗାଯୋଗ ନମ୍ବର: ଶ୍ରୀ ଗୁରୁଦୀପ ସିଂହ (+୯୧ ୮୫୮୫୦୦୫୪୯୯)			
ତାରିଖ: ୦୮।୦୯।୨୦୨୫
ସୁନ୍ଦରମ୍ ହୋମ୍ ଫାଇନାନ୍ସ ଲିଃ ପାଇଁ
ପ୍ରାଧିକୃତ ଅଧିକାରୀ
